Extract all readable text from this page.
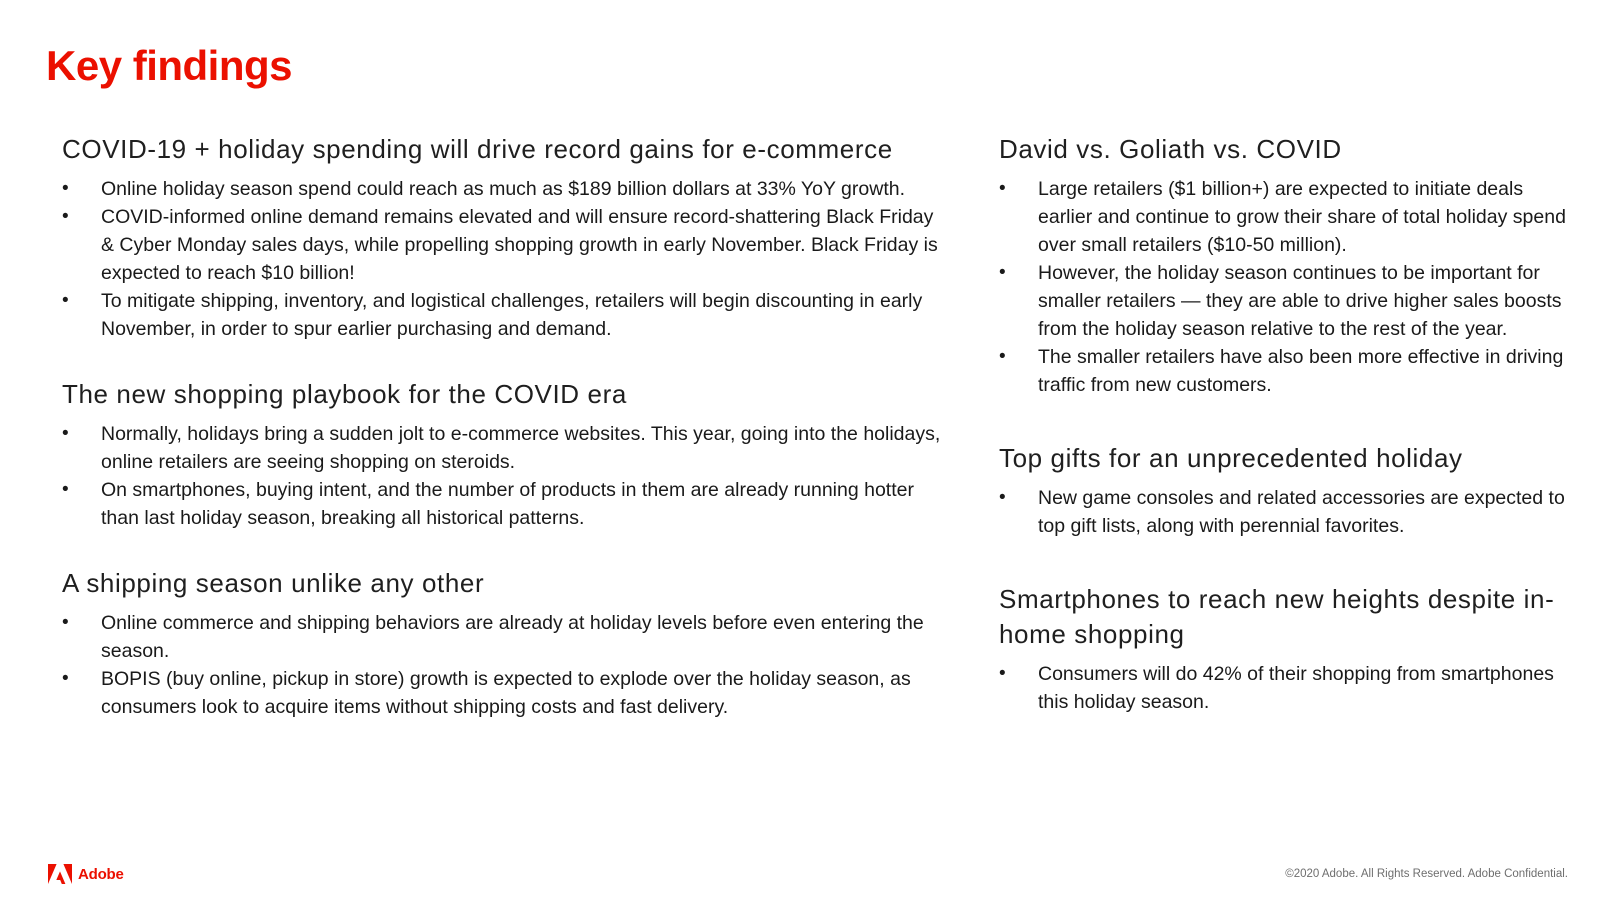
Key findings
COVID-19 + holiday spending will drive record gains for e-commerce
• Online holiday season spend could reach as much as $189 billion dollars at 33% YoY growth.
• COVID-informed online demand remains elevated and will ensure record-shattering Black Friday & Cyber Monday sales days, while propelling shopping growth in early November. Black Friday is expected to reach $10 billion!
• To mitigate shipping, inventory, and logistical challenges, retailers will begin discounting in early November, in order to spur earlier purchasing and demand.
The new shopping playbook for the COVID era
• Normally, holidays bring a sudden jolt to e-commerce websites. This year, going into the holidays, online retailers are seeing shopping on steroids.
• On smartphones, buying intent, and the number of products in them are already running hotter than last holiday season, breaking all historical patterns.
A shipping season unlike any other
• Online commerce and shipping behaviors are already at holiday levels before even entering the season.
• BOPIS (buy online, pickup in store) growth is expected to explode over the holiday season, as consumers look to acquire items without shipping costs and fast delivery.
David vs. Goliath vs. COVID
• Large retailers ($1 billion+) are expected to initiate deals earlier and continue to grow their share of total holiday spend over small retailers ($10-50 million).
• However, the holiday season continues to be important for smaller retailers — they are able to drive higher sales boosts from the holiday season relative to the rest of the year.
• The smaller retailers have also been more effective in driving traffic from new customers.
Top gifts for an unprecedented holiday
• New game consoles and related accessories are expected to top gift lists, along with perennial favorites.
Smartphones to reach new heights despite in-home shopping
• Consumers will do 42% of their shopping from smartphones this holiday season.
Adobe	©2020 Adobe. All Rights Reserved. Adobe Confidential.
